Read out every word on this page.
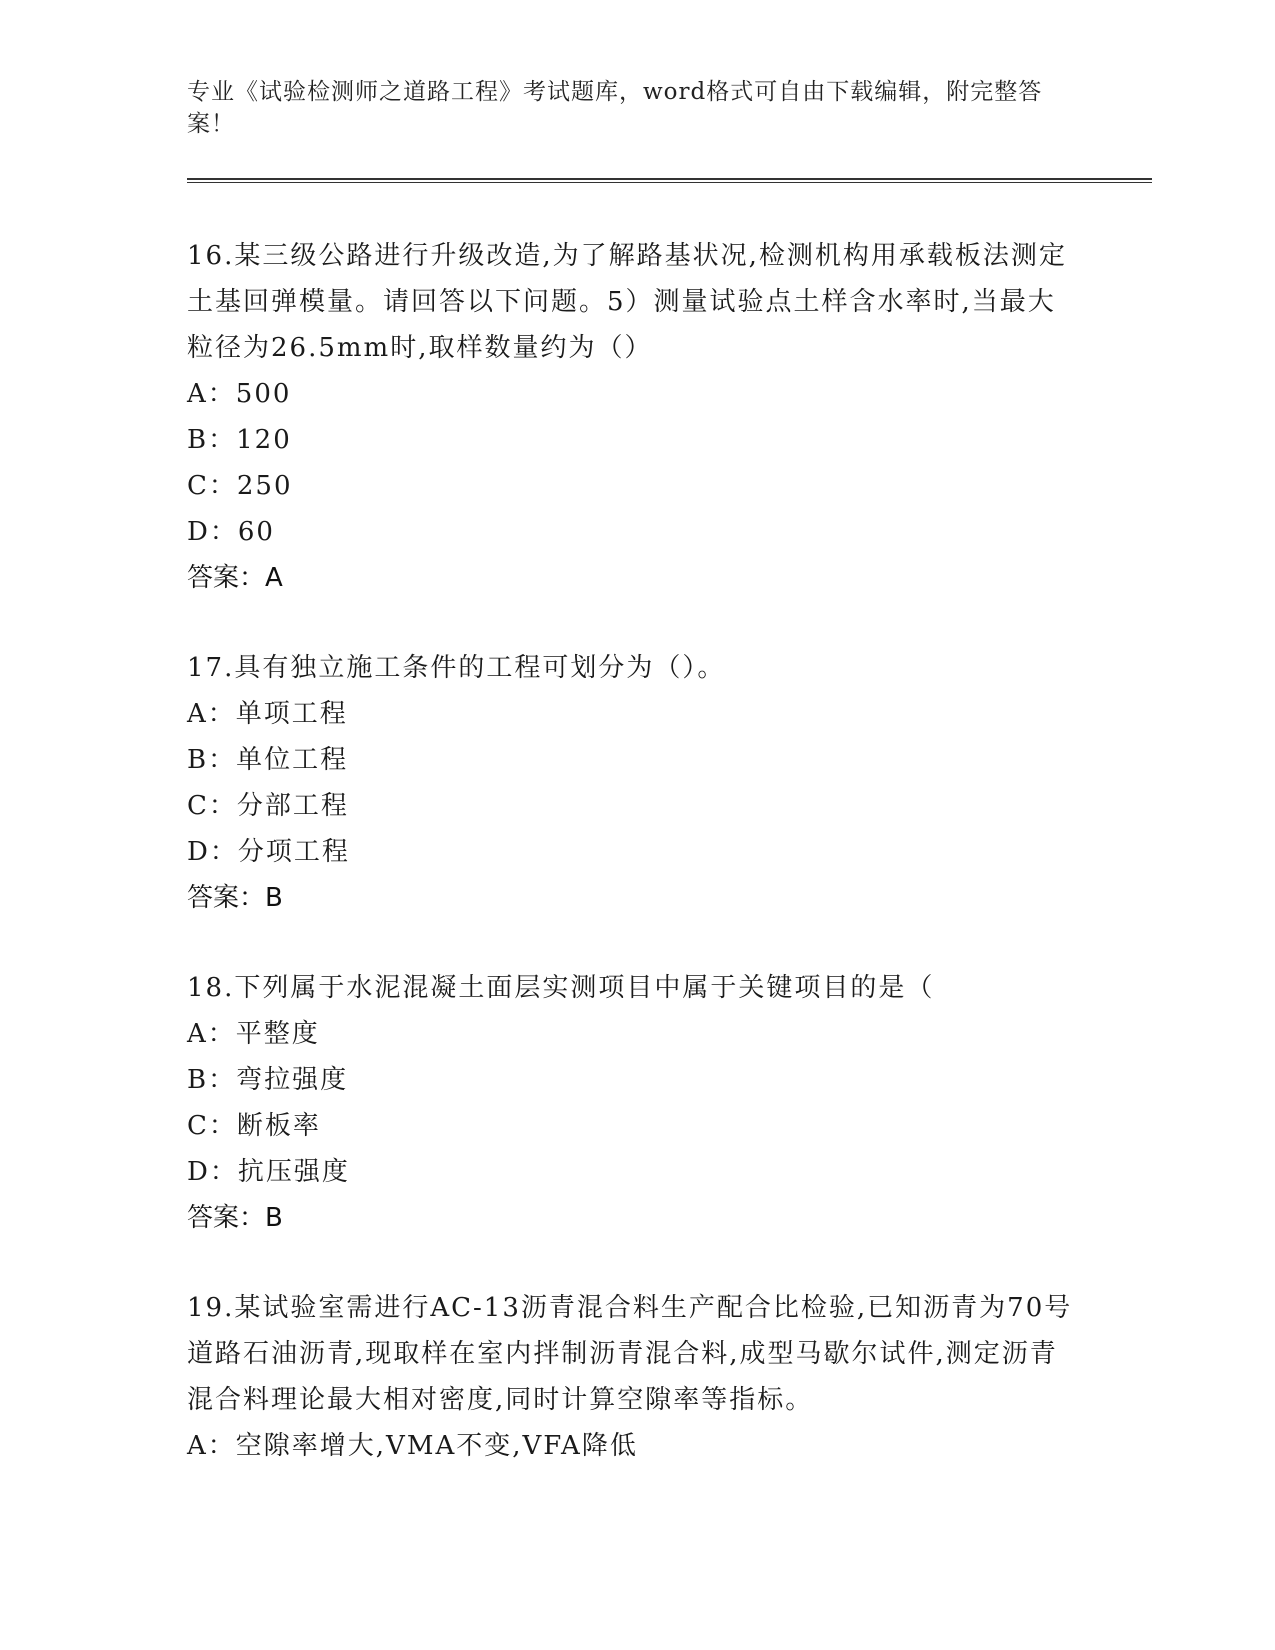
专业《试验检测师之道路工程》考试题库，word格式可自由下载编辑，附完整答案！

16.某三级公路进行升级改造,为了解路基状况,检测机构用承载板法测定土基回弹模量。请回答以下问题。5）测量试验点土样含水率时,当最大粒径为26.5mm时,取样数量约为（）

A：500

B：120

C：250

D：60

答案：A

17.具有独立施工条件的工程可划分为（）。

A：单项工程

B：单位工程

C：分部工程

D：分项工程

答案：B

18.下列属于水泥混凝土面层实测项目中属于关键项目的是（

A：平整度

B：弯拉强度

C：断板率

D：抗压强度

答案：B

19.某试验室需进行AC-13沥青混合料生产配合比检验,已知沥青为70号道路石油沥青,现取样在室内拌制沥青混合料,成型马歇尔试件,测定沥青混合料理论最大相对密度,同时计算空隙率等指标。

A：空隙率增大,VMA不变,VFA降低
